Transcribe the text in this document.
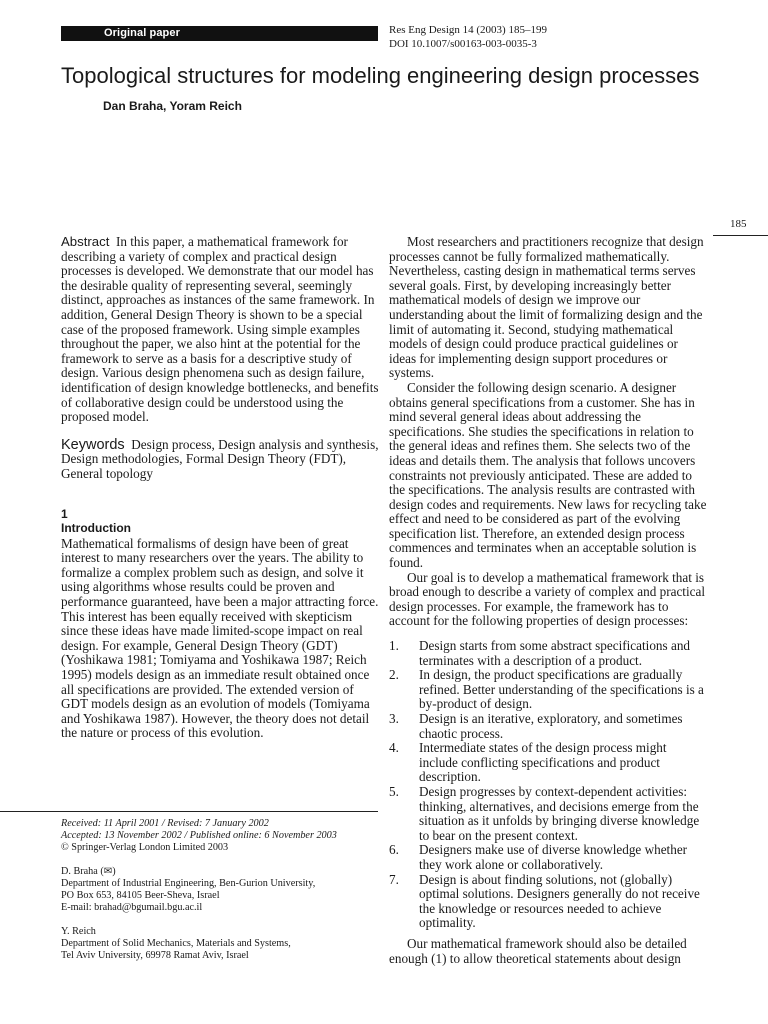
Original paper	Res Eng Design 14 (2003) 185–199
DOI 10.1007/s00163-003-0035-3
Topological structures for modeling engineering design processes
Dan Braha, Yoram Reich
185

Abstract In this paper, a mathematical framework for describing a variety of complex and practical design processes is developed. We demonstrate that our model has the desirable quality of representing several, seemingly distinct, approaches as instances of the same framework. In addition, General Design Theory is shown to be a special case of the proposed framework. Using simple examples throughout the paper, we also hint at the potential for the framework to serve as a basis for a descriptive study of design. Various design phenomena such as design failure, identification of design knowledge bottlenecks, and benefits of collaborative design could be understood using the proposed model.

Keywords Design process, Design analysis and synthesis, Design methodologies, Formal Design Theory (FDT), General topology

1
Introduction

Mathematical formalisms of design have been of great interest to many researchers over the years. The ability to formalize a complex problem such as design, and solve it using algorithms whose results could be proven and performance guaranteed, have been a major attracting force. This interest has been equally received with skepticism since these ideas have made limited-scope impact on real design. For example, General Design Theory (GDT) (Yoshikawa 1981; Tomiyama and Yoshikawa 1987; Reich 1995) models design as an immediate result obtained once all specifications are provided. The extended version of GDT models design as an evolution of models (Tomiyama and Yoshikawa 1987). However, the theory does not detail the nature or process of this evolution.

Received: 11 April 2001 / Revised: 7 January 2002

Accepted: 13 November 2002 / Published online: 6 November 2003

© Springer-Verlag London Limited 2003

D. Braha (✉)

Department of Industrial Engineering, Ben-Gurion University,

PO Box 653, 84105 Beer-Sheva, Israel

E-mail: brahad@bgumail.bgu.ac.il

Y. Reich

Department of Solid Mechanics, Materials and Systems,

Tel Aviv University, 69978 Ramat Aviv, Israel

Most researchers and practitioners recognize that design processes cannot be fully formalized mathematically. Nevertheless, casting design in mathematical terms serves several goals. First, by developing increasingly better mathematical models of design we improve our understanding about the limit of formalizing design and the limit of automating it. Second, studying mathematical models of design could produce practical guidelines or ideas for implementing design support procedures or systems.

Consider the following design scenario. A designer obtains general specifications from a customer. She has in mind several general ideas about addressing the specifications. She studies the specifications in relation to the general ideas and refines them. She selects two of the ideas and details them. The analysis that follows uncovers constraints not previously anticipated. These are added to the specifications. The analysis results are contrasted with design codes and requirements. New laws for recycling take effect and need to be considered as part of the evolving specification list. Therefore, an extended design process commences and terminates when an acceptable solution is found.

Our goal is to develop a mathematical framework that is broad enough to describe a variety of complex and practical design processes. For example, the framework has to account for the following properties of design processes:

1. Design starts from some abstract specifications and terminates with a description of a product.
2. In design, the product specifications are gradually refined. Better understanding of the specifications is a by-product of design.
3. Design is an iterative, exploratory, and sometimes chaotic process.
4. Intermediate states of the design process might include conflicting specifications and product description.
5. Design progresses by context-dependent activities: thinking, alternatives, and decisions emerge from the situation as it unfolds by bringing diverse knowledge to bear on the present context.
6. Designers make use of diverse knowledge whether they work alone or collaboratively.
7. Design is about finding solutions, not (globally) optimal solutions. Designers generally do not receive the knowledge or resources needed to achieve optimality.

Our mathematical framework should also be detailed enough (1) to allow theoretical statements about design
